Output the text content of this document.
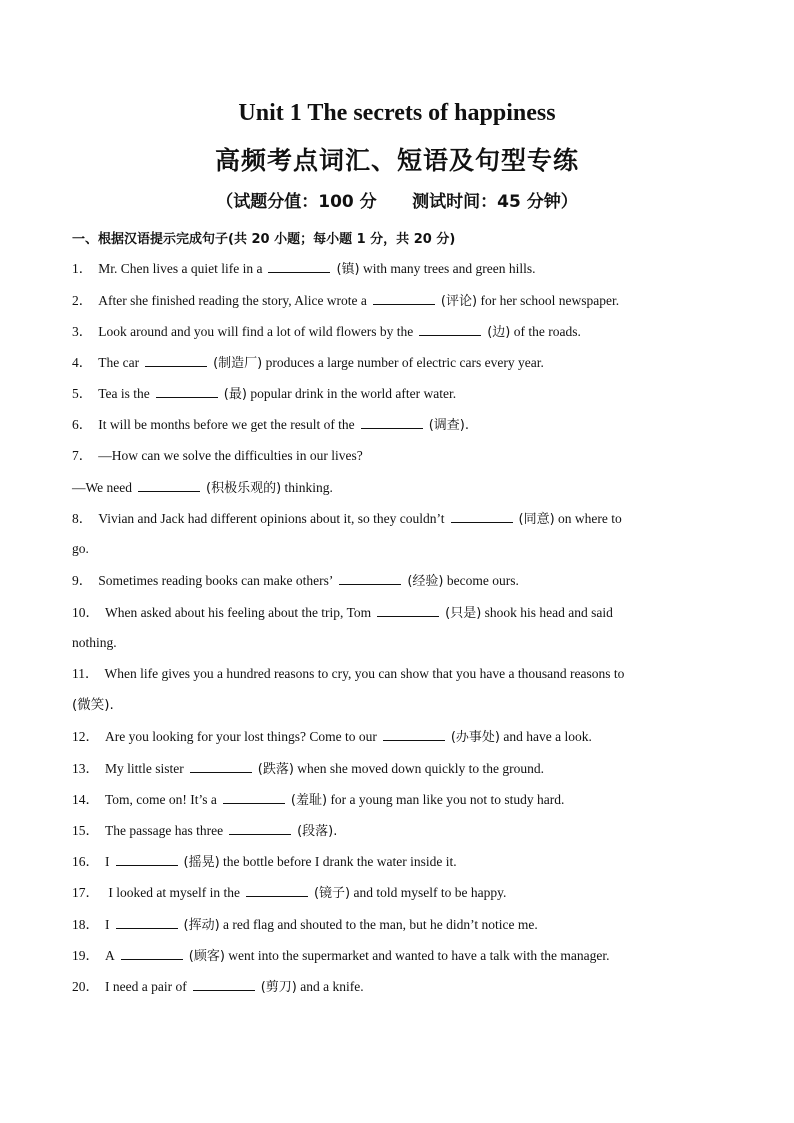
Unit 1 The secrets of happiness
高频考点词汇、短语及句型专练
（试题分值：100 分      测试时间：45 分钟）
一、根据汉语提示完成句子(共 20 小题；每小题 1 分，共 20 分)
1． Mr. Chen lives a quiet life in a	(镇) with many trees and green hills.
2． After she finished reading the story, Alice wrote a	(评论) for her school newspaper.
3． Look around and you will find a lot of wild flowers by the	(边) of the roads.
4． The car	(制造厂) produces a large number of electric cars every year.
5． Tea is the	(最) popular drink in the world after water.
6． It will be months before we get the result of the	(调查).
7． —How can we solve the difficulties in our lives?
8． Vivian and Jack had different opinions about it, so they couldn’t	(同意) on where to
9． Sometimes reading books can make others’	(经验) become ours.
10． When asked about his feeling about the trip, Tom	(只是) shook his head and said
11． When life gives you a hundred reasons to cry, you can show that you have a thousand reasons to
12． Are you looking for your lost things? Come to our	(办事处) and have a look.
13． My little sister	(跌落) when she moved down quickly to the ground.
14． Tom, come on! It’s a	(羞耻) for a young man like you not to study hard.
15． The passage has three	(段落).
16． I	(摇晃) the bottle before I drank the water inside it.
17． I looked at myself in the	(镜子) and told myself to be happy.
18． I	(挥动) a red flag and shouted to the man, but he didn’t notice me.
19． A	(顾客) went into the supermarket and wanted to have a talk with the manager.
20． I need a pair of	(剪刀) and a knife.
—We need	(积极乐观的) thinking.
go.
nothing.
(微笑).
